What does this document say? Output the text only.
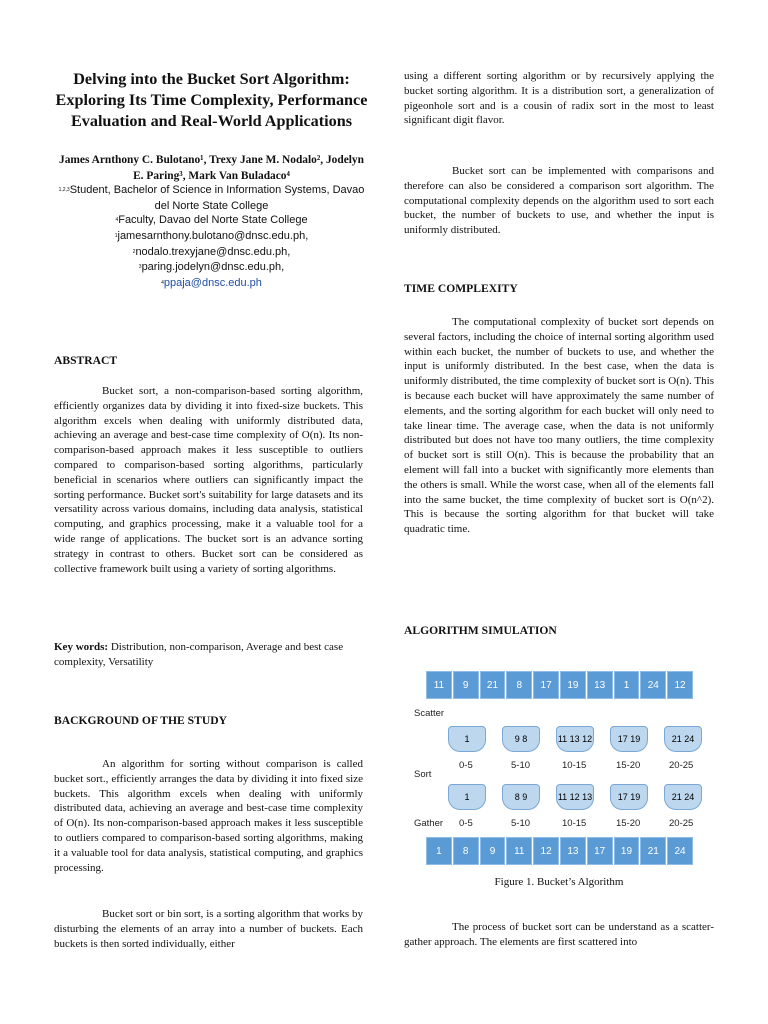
Delving into the Bucket Sort Algorithm: Exploring Its Time Complexity, Performance Evaluation and Real-World Applications
James Arnthony C. Bulotano¹, Trexy Jane M. Nodalo², Jodelyn E. Paring³, Mark Van Buladaco⁴
$^{1,2,3}$Student, Bachelor of Science in Information Systems, Davao del Norte State College
$^4$Faculty, Davao del Norte State College
$^1$jamesarnthony.bulotano@dnsc.edu.ph,
$^2$nodalo.trexyjane@dnsc.edu.ph,
$^3$paring.jodelyn@dnsc.edu.ph,
$^4$ppaja@dnsc.edu.ph
ABSTRACT
Bucket sort, a non-comparison-based sorting algorithm, efficiently organizes data by dividing it into fixed-size buckets. This algorithm excels when dealing with uniformly distributed data, achieving an average and best-case time complexity of O(n). Its non-comparison-based approach makes it less susceptible to outliers compared to comparison-based sorting algorithms, particularly beneficial in scenarios where outliers can significantly impact the sorting performance. Bucket sort's suitability for large datasets and its versatility across various domains, including data analysis, statistical computing, and graphics processing, make it a valuable tool for a wide range of applications. The bucket sort is an advance sorting strategy in contrast to others. Bucket sort can be considered as collective framework built using a variety of sorting algorithms.
Key words: Distribution, non-comparison, Average and best case complexity, Versatility
BACKGROUND OF THE STUDY
An algorithm for sorting without comparison is called bucket sort., efficiently arranges the data by dividing it into fixed size buckets. This algorithm excels when dealing with uniformly distributed data, achieving an average and best-case time complexity of O(n). Its non-comparison-based approach makes it less susceptible to outliers compared to comparison-based sorting algorithms, making it a valuable tool for data analysis, statistical computing, and graphics processing.
Bucket sort or bin sort, is a sorting algorithm that works by disturbing the elements of an array into a number of buckets. Each buckets is then sorted individually, either
using a different sorting algorithm or by recursively applying the bucket sorting algorithm. It is a distribution sort, a generalization of pigeonhole sort and is a cousin of radix sort in the most to least significant digit flavor.
Bucket sort can be implemented with comparisons and therefore can also be considered a comparison sort algorithm. The computational complexity depends on the algorithm used to sort each bucket, the number of buckets to use, and whether the input is uniformly distributed.
TIME COMPLEXITY
The computational complexity of bucket sort depends on several factors, including the choice of internal sorting algorithm used within each bucket, the number of buckets to use, and whether the input is uniformly distributed. In the best case, when the data is uniformly distributed, the time complexity of bucket sort is O(n). This is because each bucket will have approximately the same number of elements, and the sorting algorithm for each bucket will only need to take linear time. The average case, when the data is not uniformly distributed but does not have too many outliers, the time complexity of bucket sort is still O(n). This is because the probability that an element will fall into a bucket with significantly more elements than the others is small. While the worst case, when all of the elements fall into the same bucket, the time complexity of bucket sort is O(n^2). This is because the sorting algorithm for that bucket will take quadratic time.
ALGORITHM SIMULATION
11	9	21	8	17	19	13	1	24	12
Scatter
1	9 8	11 13 12	17 19	21 24
0-5	5-10	10-15	15-20	20-25
Sort
1	8 9	11 12 13	17 19	21 24
Gather 0-5	5-10	10-15	15-20	20-25
1	8	9	11	12	13	17	19	21	24
Figure 1. Bucket’s Algorithm
The process of bucket sort can be understand as a scatter-gather approach. The elements are first scattered into
